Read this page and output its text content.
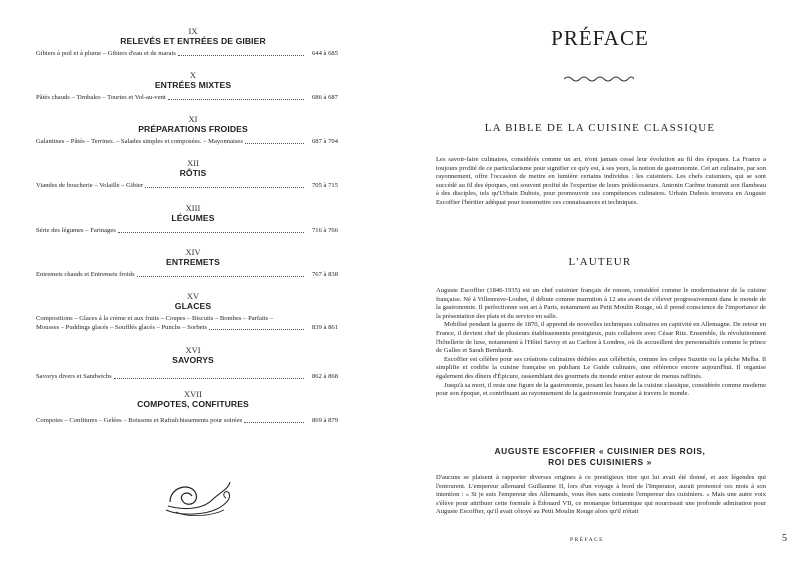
IX
RELEVÉS ET ENTRÉES DE GIBIER
Gibiers à poil et à plume – Gibiers d'eau et de marais	644 à 685
X
ENTRÉES MIXTES
Pâtés chauds – Timbales – Tourtes et Vol-au-vent	686 à 687
XI
PRÉPARATIONS FROIDES
Galantines – Pâtés – Terrines. – Salades simples et composées. – Mayonnaises	687 à 704
XII
RÔTIS
Viandes de boucherie – Volaille – Gibier	705 à 715
XIII
LÉGUMES
Série des légumes – Farinages	716 à 766
XIV
ENTREMETS
Entremets chauds et Entremets froids	767 à 838
XV
GLACES
Compositions – Glaces à la crème et aux fruits – Coupes – Biscuits – Bombes – Parfaits –
Mousses – Puddings glacés – Soufflés glacés – Punchs – Sorbets	839 à 861
XVI
SAVORYS
Savorys divers et Sandwichs	862 à 868
XVII
COMPOTES, CONFITURES
Compotes – Confitures – Gelées – Boissons et Rafraîchissements pour soirées	869 à 879
PRÉFACE
LA BIBLE DE LA CUISINE CLASSIQUE

Les savoir-faire culinaires, considérés comme un art, n'ont jamais cessé leur évolution au fil des époques. La France a toujours profité de ce particularisme pour signifier ce qu'y est, à ses yeux, la notion de gastronomie. Cet art culinaire, par son rayonnement, offre l'occasion de mettre en lumière certains individus : les cuisiniers. Les chefs cuisiniers, qui se sont succédé au fil des époques, ont souvent profité de l'expertise de leurs prédécesseurs. Antonin Carême transmit son flambeau à des disciples, tels qu'Urbain Dubois, pour promouvoir ces compétences culinaires. Urbain Dubois trouvera en Auguste Escoffier l'héritier adéquat pour transmettre ces connaissances et techniques.

L'AUTEUR

Auguste Escoffier (1846-1935) est un chef cuisinier français de renom, considéré comme le modernisateur de la cuisine française. Né à Villeneuve-Loubet, il débute comme marmiton à 12 ans avant de s'élever progressivement dans le monde de la gastronomie. Il perfectionne son art à Paris, notamment au Petit Moulin Rouge, où il prend conscience de l'importance de la présentation des plats et du service en salle.

Mobilisé pendant la guerre de 1870, il apprend de nouvelles techniques culinaires en captivité en Allemagne. De retour en France, il devient chef de plusieurs établissements prestigieux, puis collabore avec César Ritz. Ensemble, ils révolutionnent l'hôtellerie de luxe, notamment à l'Hôtel Savoy et au Carlton à Londres, où ils accueillent des personnalités comme le prince de Galles et Sarah Bernhardt.

Escoffier est célèbre pour ses créations culinaires dédiées aux célébrités, comme les crêpes Suzette ou la pêche Melba. Il simplifie et codifie la cuisine française en publiant Le Guide culinaire, une référence encore aujourd'hui. Il organise également des dîners d'Épicure, rassemblant des gourmets du monde entier autour de menus raffinés.

Jusqu'à sa mort, il reste une figure de la gastronomie, posant les bases de la cuisine classique, considérée comme moderne pour son époque, et contribuant au rayonnement de la gastronomie française à travers le monde.

AUGUSTE ESCOFFIER « CUISINIER DES ROIS,
ROI DES CUISINIERS »

D'aucuns se plaisent à rapporter diverses origines à ce prestigieux titre qui lui avait été donné, et aux légendes qui l'entourent. L'empereur allemand Guillaume II, lors d'un voyage à bord de l'Imperator, aurait prononcé ces mots à son intention : « Si je suis l'empereur des Allemands, vous êtes sans conteste l'empereur des cuisiniers. » Mais une autre voix s'élève pour attribuer cette formule à Édouard VII, ce monarque britannique qui nourrissait une profonde admiration pour Auguste Escoffier, qu'il avait côtoyé au Petit Moulin Rouge alors qu'il n'était

PRÉFACE	5
